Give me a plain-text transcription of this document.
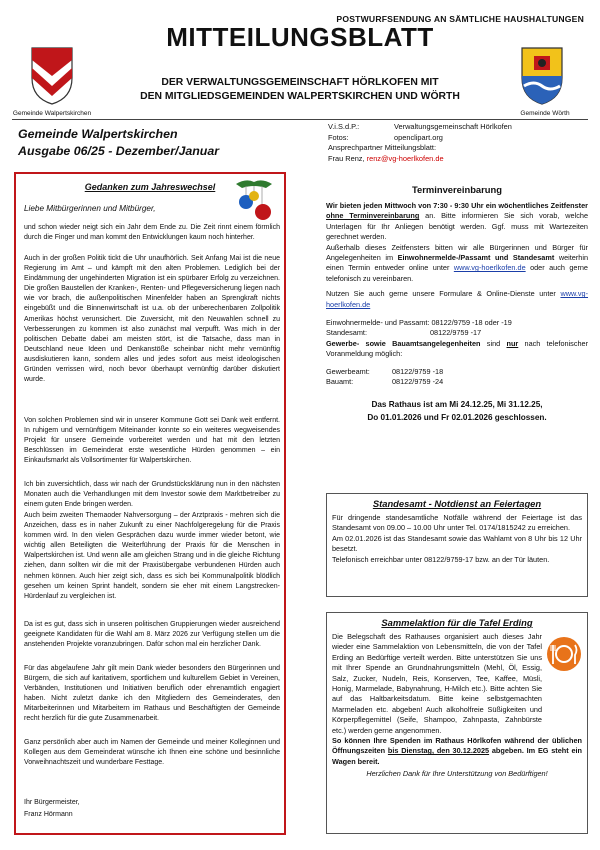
POSTWURFSENDUNG AN SÄMTLICHE HAUSHALTUNGEN
MITTEILUNGSBLATT
DER VERWALTUNGSGEMEINSCHAFT HÖRLKOFEN MIT
DEN MITGLIEDSGEMEINDEN WALPERTSKIRCHEN UND WÖRTH
Gemeinde Walpertskirchen	Gemeinde Wörth
Gemeinde Walpertskirchen
Ausgabe 06/25 - Dezember/Januar
V.i.S.d.P.:	Verwaltungsgemeinschaft Hörlkofen
Fotos:	openclipart.org
Ansprechpartner Mitteilungsblatt:	
Frau Renz, renz@vg-hoerlkofen.de	
Gedanken zum Jahreswechsel
Liebe Mitbürgerinnen und Mitbürger,
und schon wieder neigt sich ein Jahr dem Ende zu. Die Zeit rinnt einem förmlich durch die Finger und man kommt den Entwicklungen kaum noch hinterher.
Auch in der großen Politik tickt die Uhr unaufhörlich. Seit Anfang Mai ist die neue Regierung im Amt – und kämpft mit den alten Problemen. Lediglich bei der Eindämmung der ungehinderten Migration ist ein spürbarer Erfolg zu verzeichnen. Die großen Baustellen der Kranken-, Renten- und Pflegeversicherung liegen nach wie vor brach, die außenpolitischen Minenfelder haben an Sprengkraft nichts eingebüßt und die Binnenwirtschaft ist u.a. ob der unberechenbaren Zollpolitik Amerikas höchst verunsichert. Die Zuversicht, mit den Neuwahlen schnell zu Verbesserungen zu kommen ist also zunächst mal verpufft. Was mich in der politischen Debatte dabei am meisten stört, ist die Tatsache, dass man in Deutschland neue Ideen und Denkanstöße scheinbar nicht mehr vernünftig ausdiskutieren kann, sondern alles und jedes sofort aus meist ideologischen Gründen verrissen wird, noch bevor überhaupt vernünftig darüber diskutiert wurde.
Von solchen Problemen sind wir in unserer Kommune Gott sei Dank weit entfernt. In ruhigem und vernünftigem Miteinander konnte so ein weiteres wegweisendes Projekt für unsere Gemeinde vorbereitet werden und hat mit den letzten Beschlüssen im Gemeinderat erste wesentliche Hürden genommen – ein Einkaufsmarkt als Vollsortimenter für Walpertskirchen.
Ich bin zuversichtlich, dass wir nach der Grundstücksklärung nun in den nächsten Monaten auch die Verhandlungen mit dem Investor sowie dem Marktbetreiber zu einem guten Ende bringen werden.
Auch beim zweiten Themaoder Nahversorgung – der Arztpraxis - mehren sich die Anzeichen, dass es in naher Zukunft zu einer Nachfolgeregelung für die Praxis kommen wird. In den vielen Gesprächen dazu wurde immer wieder betont, wie wichtig allen Beteiligten die Weiterführung der Praxis für die Menschen in Walpertskirchen ist. Und wenn alle am gleichen Strang und in die gleiche Richtung ziehen, dann sollten wir die mit der Praxisübergabe verbundenen Hürden auch nehmen können. Auch hier zeigt sich, dass es sich bei Kommunalpolitik blödlich gesehen um keinen Sprint handelt, sondern sie eher mit einem Langstrecken-Hürdenlauf zu vergleichen ist.
Da ist es gut, dass sich in unseren politischen Gruppierungen wieder ausreichend geeignete Kandidaten für die Wahl am 8. März 2026 zur Verfügung stellen um die anstehenden Projekte voranzubringen. Dafür schon mal ein herzlicher Dank.
Für das abgelaufene Jahr gilt mein Dank wieder besonders den Bürgerinnen und Bürgern, die sich auf karitativem, sportlichem und kulturellem Gebiet in Vereinen, Verbänden, Institutionen und Initiativen beruflich oder ehrenamtlich engagiert haben. Nicht zuletzt danke ich den Mitgliedern des Gemeinderates, den Mitarbeiterinnen und Mitarbeitern im Rathaus und Beschäftigten der Gemeinde recht herzlich für die gute Zusammenarbeit.
Ganz persönlich aber auch im Namen der Gemeinde und meiner Kolleginnen und Kollegen aus dem Gemeinderat wünsche ich Ihnen eine schöne und besinnliche Vorweihnachtszeit und wunderbare Festtage.
Ihr Bürgermeister,
Franz Hörmann
Terminvereinbarung
Wir bieten jeden Mittwoch von 7:30 - 9:30 Uhr ein wöchentliches Zeitfenster ohne Terminvereinbarung an. Bitte informieren Sie sich vorab, welche Unterlagen für Ihr Anliegen benötigt werden. Ggf. muss mit Wartezeiten gerechnet werden.
Außerhalb dieses Zeitfensters bitten wir alle Bürgerinnen und Bürger für Angelegenheiten im Einwohnermelde-/Passamt und Standesamt weiterhin einen Termin entweder online unter www.vg-hoerlkofen.de oder auch gerne telefonisch zu vereinbaren.
Nutzen Sie auch gerne unsere Formulare & Online-Dienste unter www.vg-hoerlkofen.de
Einwohnermelde- und Passamt: 08122/9759 -18 oder -19
Standesamt:	08122/9759 -17
Gewerbe- sowie Bauamtsangelegenheiten sind nur nach telefonischer Voranmeldung möglich:
Gewerbeamt:	08122/9759 -18
Bauamt:	08122/9759 -24
Das Rathaus ist am Mi 24.12.25, Mi 31.12.25,
Do 01.01.2026 und Fr 02.01.2026 geschlossen.
Standesamt - Notdienst an Feiertagen
Für dringende standesamtliche Notfälle während der Feiertage ist das Standesamt von 09.00 – 10.00 Uhr unter Tel. 0174/1815242 zu erreichen.
Am 02.01.2026 ist das Standesamt sowie das Wahlamt von 8 Uhr bis 12 Uhr besetzt.
Telefonisch erreichbar unter 08122/9759-17 bzw. an der Tür läuten.
Sammelaktion für die Tafel Erding
Die Belegschaft des Rathauses organisiert auch dieses Jahr wieder eine Sammelaktion von Lebensmitteln, die von der Tafel Erding an Bedürftige verteilt werden. Bitte unterstützen Sie uns mit Ihrer Spende an Grundnahrungsmitteln (Mehl, Öl, Essig, Salz, Zucker, Nudeln, Reis, Konserven, Tee, Kaffee, Müsli, Honig, Marmelade, Babynahrung, H-Milch etc.). Bitte achten Sie auf das Haltbarkeitsdatum. Bitte keine selbstgemachten Marmeladen etc. abgeben! Auch alkoholfreie Süßigkeiten und Körperpflegemittel (Seife, Shampoo, Zahnpasta, Zahnbürste etc.) werden gerne angenommen.
So können Ihre Spenden im Rathaus Hörlkofen während der üblichen Öffnungszeiten bis Dienstag, den 30.12.2025 abgeben. Im EG steht ein Wagen bereit.
Herzlichen Dank für Ihre Unterstützung von Bedürftigen!
